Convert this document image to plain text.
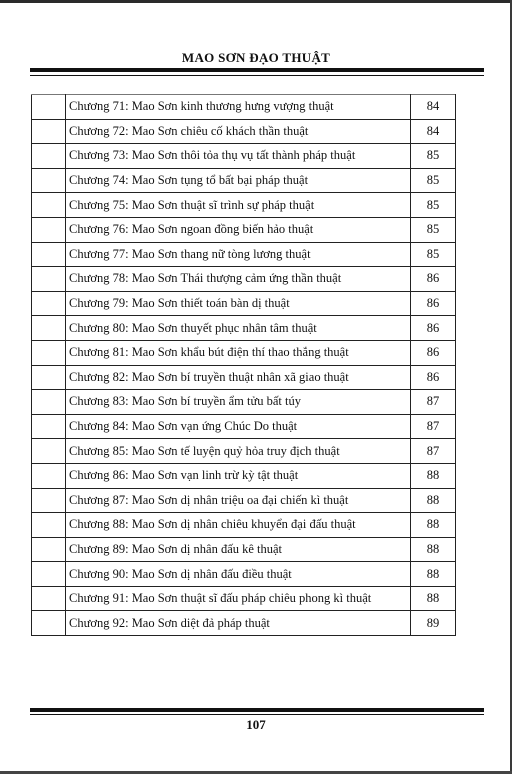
MAO SƠN ĐẠO THUẬT
	Chương 71: Mao Sơn kinh thương hưng vượng thuật	84
	Chương 72: Mao Sơn chiêu cố khách thần thuật	84
	Chương 73: Mao Sơn thôi tỏa thụ vụ tất thành pháp thuật	85
	Chương 74: Mao Sơn tụng tổ bất bại pháp thuật	85
	Chương 75: Mao Sơn thuật sĩ trình sự pháp thuật	85
	Chương 76: Mao Sơn ngoan đồng biến hảo thuật	85
	Chương 77: Mao Sơn thang nữ tòng lương thuật	85
	Chương 78: Mao Sơn Thái thượng cảm ứng thần thuật	86
	Chương 79: Mao Sơn thiết toán bàn dị thuật	86
	Chương 80: Mao Sơn thuyết phục nhân tâm thuật	86
	Chương 81: Mao Sơn khẩu bút điện thí thao thắng thuật	86
	Chương 82: Mao Sơn bí truyền thuật nhân xã giao thuật	86
	Chương 83: Mao Sơn bí truyền ẩm tửu bất túy	87
	Chương 84: Mao Sơn vạn ứng Chúc Do thuật	87
	Chương 85: Mao Sơn tế luyện quỷ hỏa truy địch thuật	87
	Chương 86: Mao Sơn vạn linh trừ kỳ tật thuật	88
	Chương 87: Mao Sơn dị nhân triệu oa đại chiến kì thuật	88
	Chương 88: Mao Sơn dị nhân chiêu khuyển đại đấu thuật	88
	Chương 89: Mao Sơn dị nhân đấu kê thuật	88
	Chương 90: Mao Sơn dị nhân đấu điều thuật	88
	Chương 91: Mao Sơn thuật sĩ đấu pháp chiêu phong kì thuật	88
	Chương 92: Mao Sơn diệt đả pháp thuật	89
107
